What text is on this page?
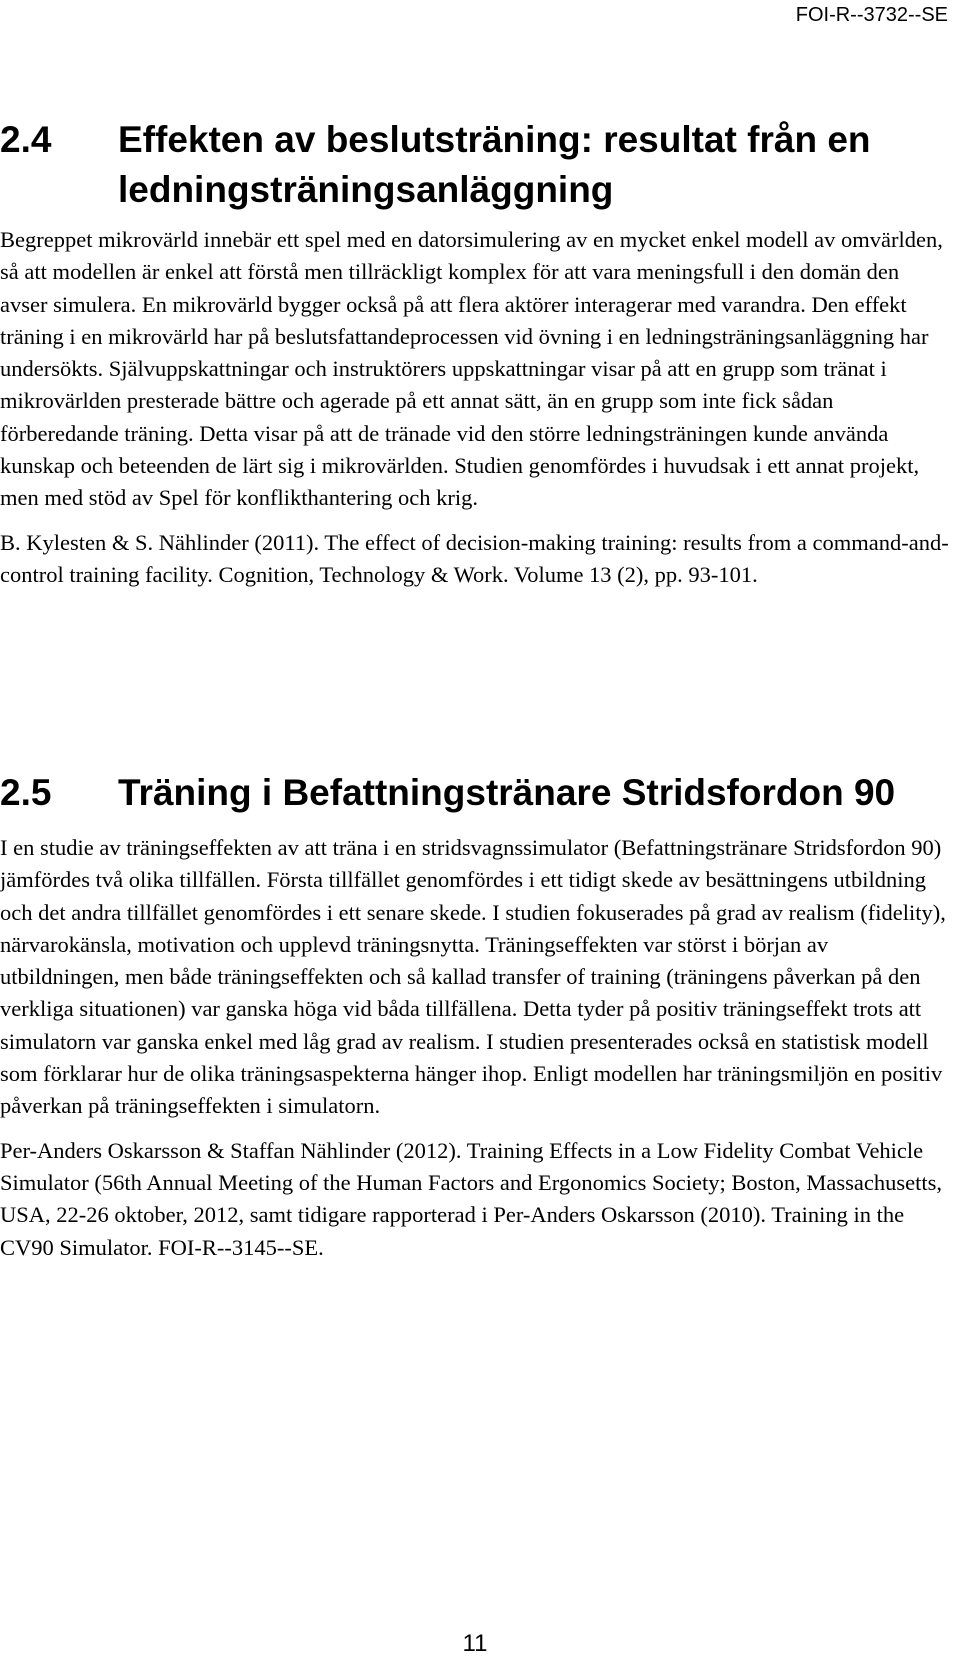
FOI-R--3732--SE

2.4	Effekten av beslutsträning: resultat från en ledningsträningsanläggning

Begreppet mikrovärld innebär ett spel med en datorsimulering av en mycket enkel modell av omvärlden, så att modellen är enkel att förstå men tillräckligt komplex för att vara meningsfull i den domän den avser simulera. En mikrovärld bygger också på att flera aktörer interagerar med varandra. Den effekt träning i en mikrovärld har på beslutsfattandeprocessen vid övning i en ledningsträningsanläggning har undersökts. Självuppskattningar och instruktörers uppskattningar visar på att en grupp som tränat i mikrovärlden presterade bättre och agerade på ett annat sätt, än en grupp som inte fick sådan förberedande träning. Detta visar på att de tränade vid den större ledningsträningen kunde använda kunskap och beteenden de lärt sig i mikrovärlden. Studien genomfördes i huvudsak i ett annat projekt, men med stöd av Spel för konflikthantering och krig.

B. Kylesten & S. Nählinder (2011). The effect of decision-making training: results from a command-and-control training facility. Cognition, Technology & Work. Volume 13 (2), pp. 93-101.

2.5	Träning i Befattningstränare Stridsfordon 90

I en studie av träningseffekten av att träna i en stridsvagnssimulator (Befattningstränare Stridsfordon 90) jämfördes två olika tillfällen. Första tillfället genomfördes i ett tidigt skede av besättningens utbildning och det andra tillfället genomfördes i ett senare skede. I studien fokuserades på grad av realism (fidelity), närvarokänsla, motivation och upplevd träningsnytta. Träningseffekten var störst i början av utbildningen, men både träningseffekten och så kallad transfer of training (träningens påverkan på den verkliga situationen) var ganska höga vid båda tillfällena. Detta tyder på positiv träningseffekt trots att simulatorn var ganska enkel med låg grad av realism. I studien presenterades också en statistisk modell som förklarar hur de olika träningsaspekterna hänger ihop. Enligt modellen har träningsmiljön en positiv påverkan på träningseffekten i simulatorn.

Per-Anders Oskarsson & Staffan Nählinder (2012). Training Effects in a Low Fidelity Combat Vehicle Simulator (56th Annual Meeting of the Human Factors and Ergonomics Society; Boston, Massachusetts, USA, 22-26 oktober, 2012, samt tidigare rapporterad i Per-Anders Oskarsson (2010). Training in the CV90 Simulator. FOI-R--3145--SE.

11
